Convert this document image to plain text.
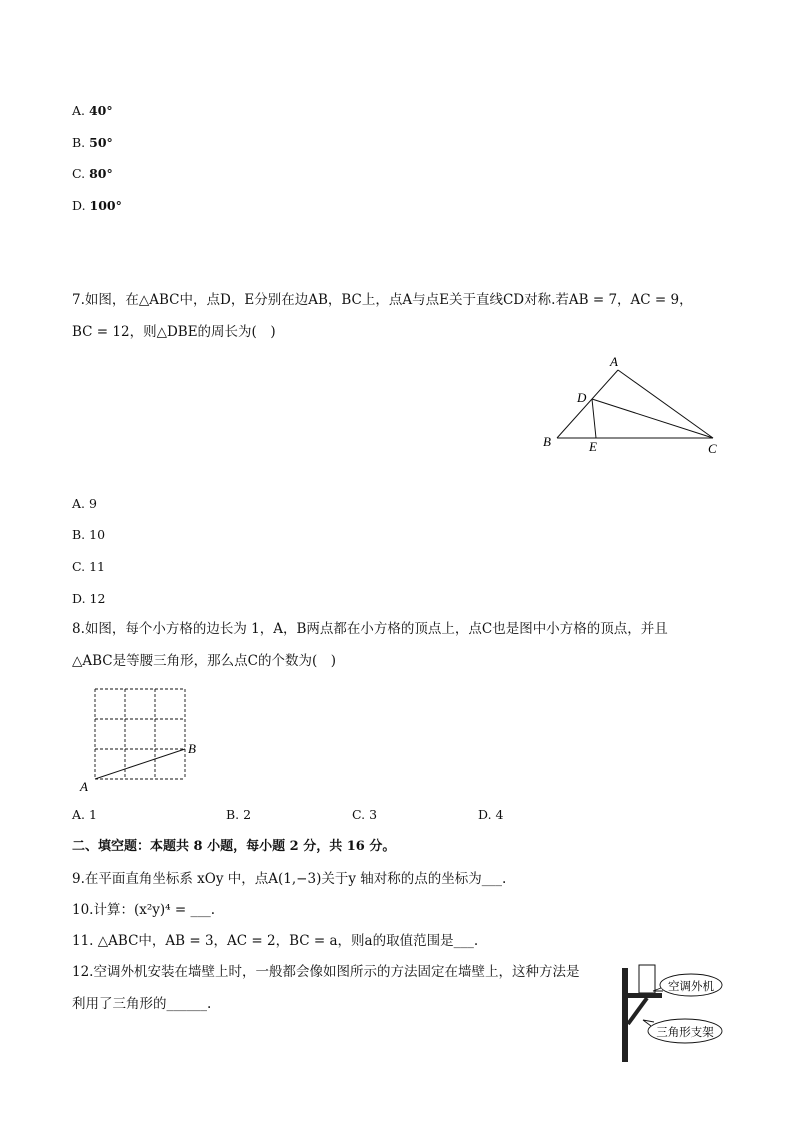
A. 40°
B. 50°
C. 80°
D. 100°
7.如图，在△ABC中，点D，E分别在边AB，BC上，点A与点E关于直线CD对称.若AB = 7，AC = 9，
BC = 12，则△DBE的周长为(　)
A
D
B	E	C
A. 9
B. 10
C. 11
D. 12
8.如图，每个小方格的边长为 1，A，B两点都在小方格的顶点上，点C也是图中小方格的顶点，并且
△ABC是等腰三角形，那么点C的个数为(　)
A
B
A. 1	B. 2	C. 3	D. 4
二、填空题：本题共 8 小题，每小题 2 分，共 16 分。
9.在平面直角坐标系 xOy 中，点A(1,−3)关于y 轴对称的点的坐标为___.
10.计算：(x²y)⁴ = ___.
11. △ABC中，AB = 3，AC = 2，BC = a，则a的取值范围是___.
12.空调外机安装在墙壁上时，一般都会像如图所示的方法固定在墙壁上，这种方法是
利用了三角形的______.
空调外机
三角形支架
